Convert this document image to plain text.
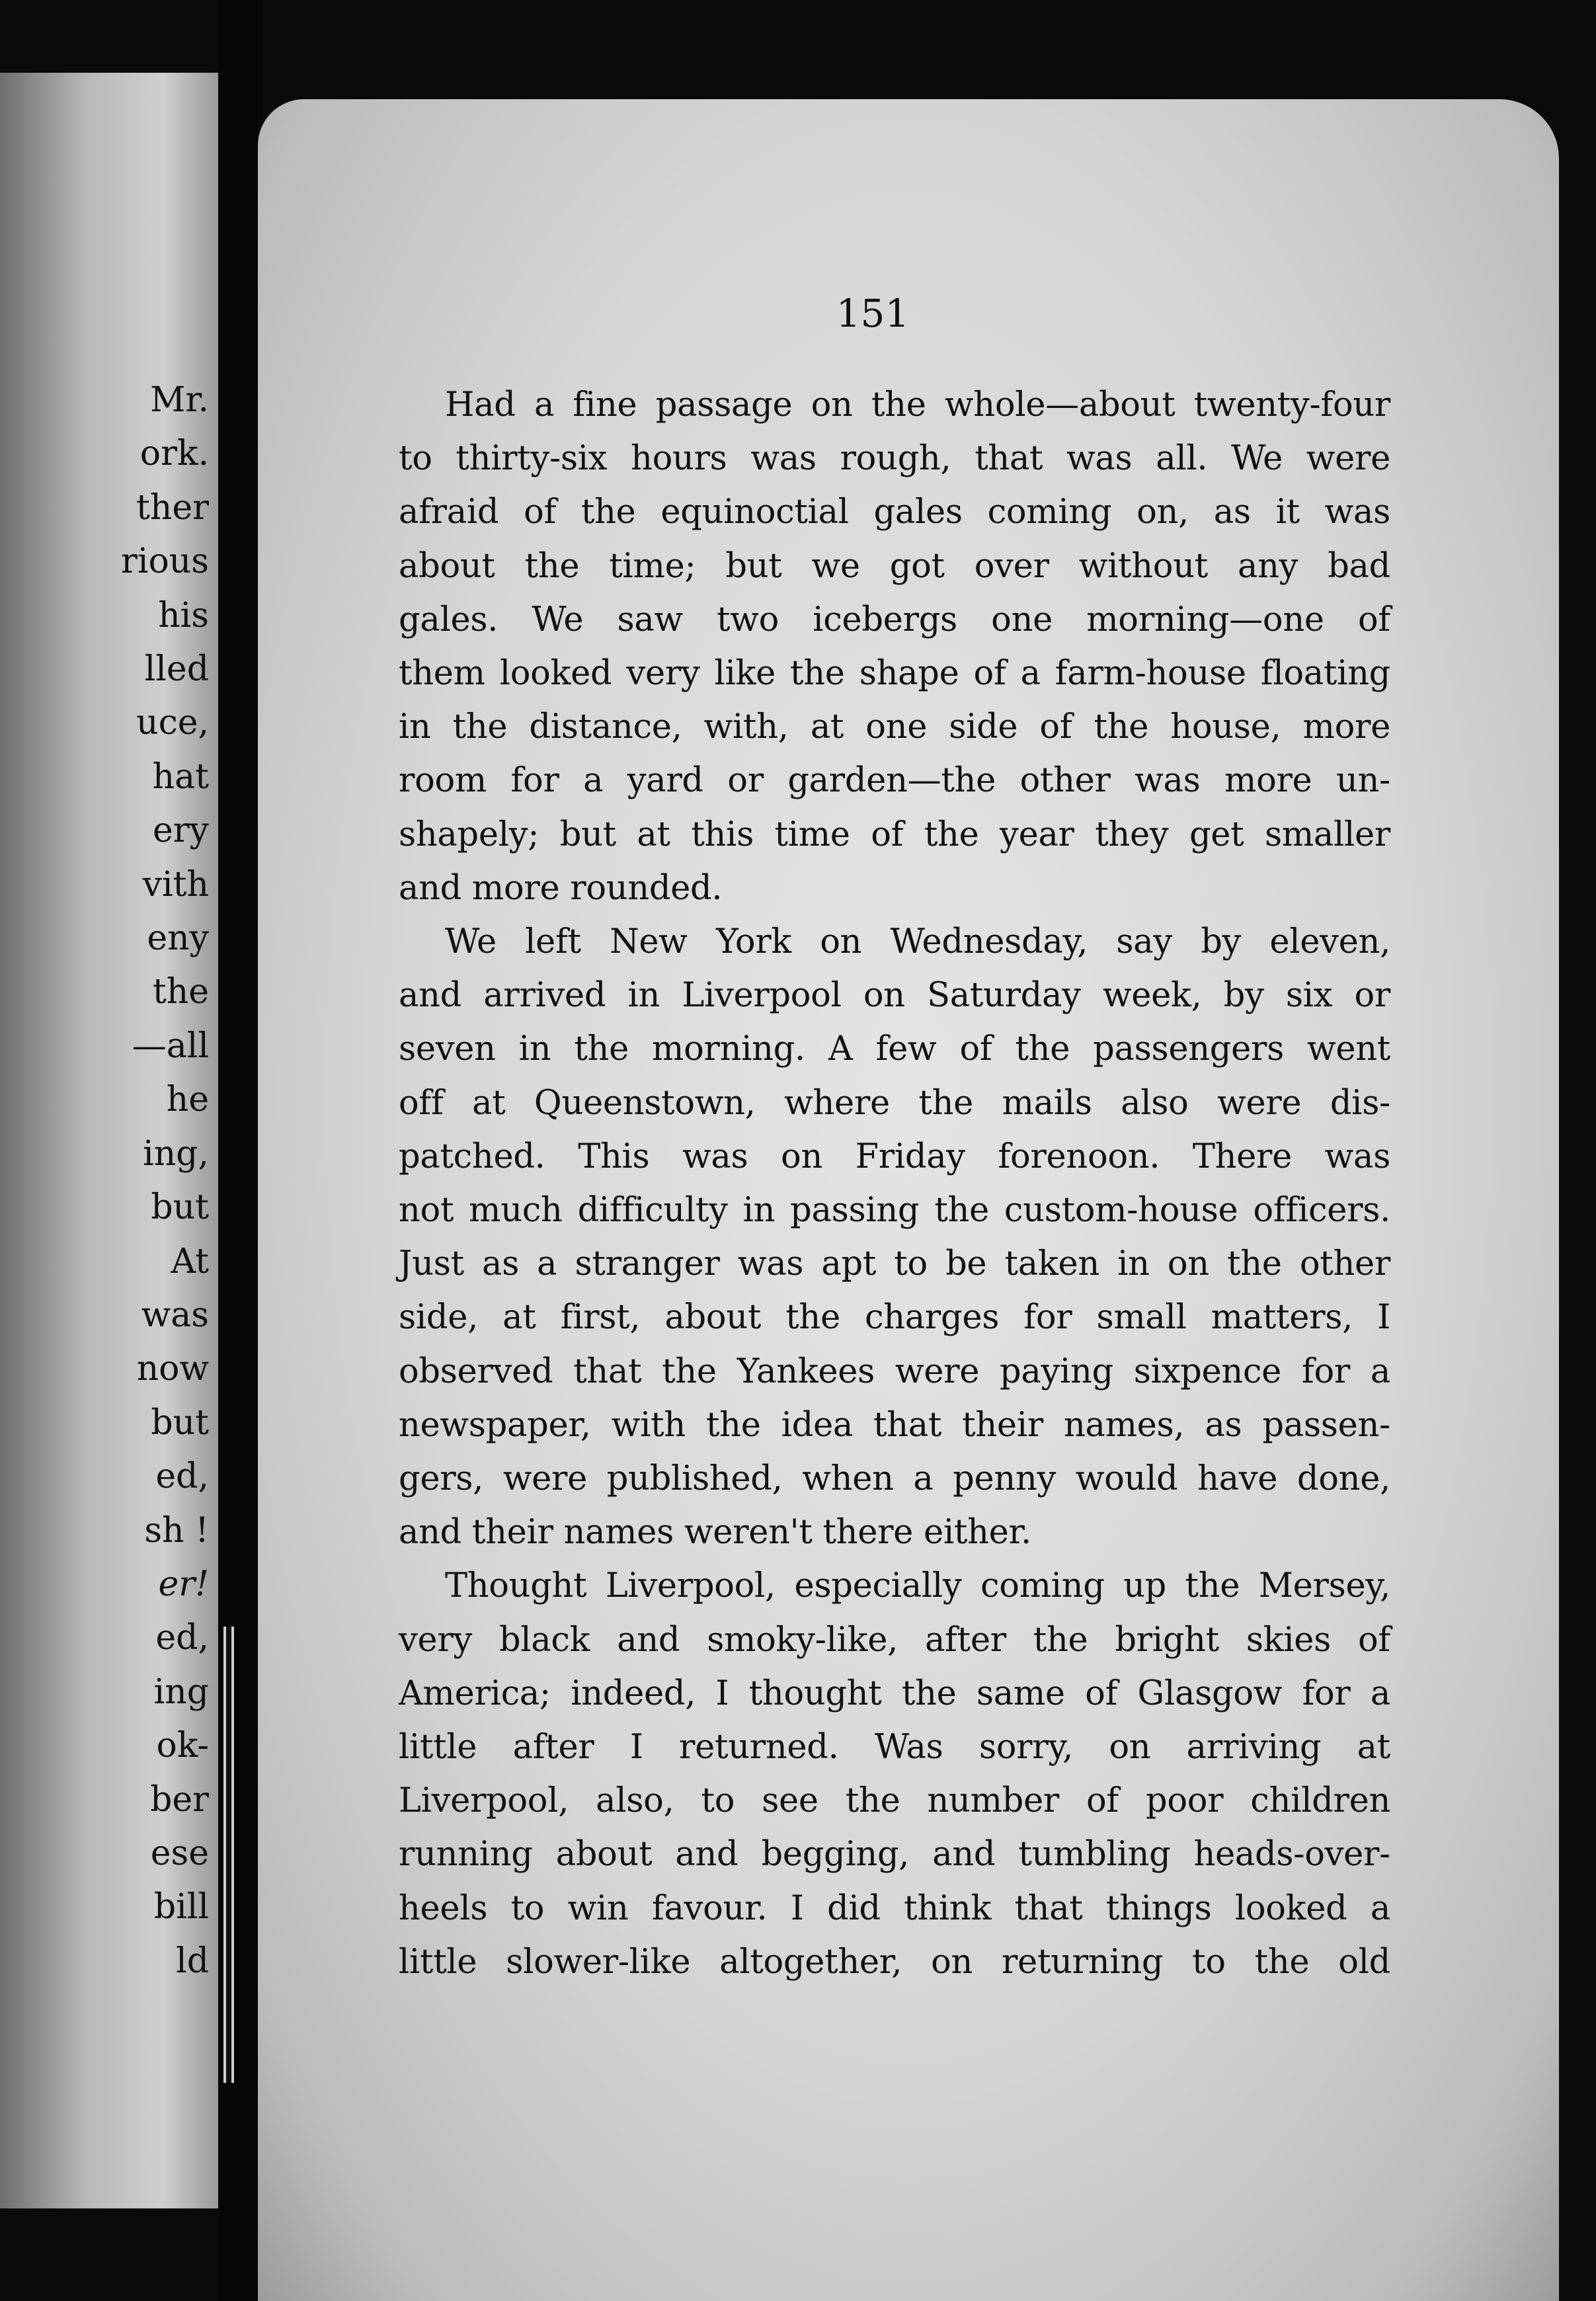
Mr.
ork.
ther
rious
his
lled
uce,
hat
ery
vith
eny
the
—all
he
ing,
but
At
was
now
but
ed,
sh !
er!
ed,
ing
ok-
ber
ese
bill
ld
151
Had a fine passage on the whole—about twenty-four
to thirty-six hours was rough, that was all. We were
afraid of the equinoctial gales coming on, as it was
about the time; but we got over without any bad
gales. We saw two icebergs one morning—one of
them looked very like the shape of a farm-house floating
in the distance, with, at one side of the house, more
room for a yard or garden—the other was more un-
shapely; but at this time of the year they get smaller
and more rounded.
We left New York on Wednesday, say by eleven,
and arrived in Liverpool on Saturday week, by six or
seven in the morning. A few of the passengers went
off at Queenstown, where the mails also were dis-
patched. This was on Friday forenoon. There was
not much difficulty in passing the custom-house officers.
Just as a stranger was apt to be taken in on the other
side, at first, about the charges for small matters, I
observed that the Yankees were paying sixpence for a
newspaper, with the idea that their names, as passen-
gers, were published, when a penny would have done,
and their names weren't there either.
Thought Liverpool, especially coming up the Mersey,
very black and smoky-like, after the bright skies of
America; indeed, I thought the same of Glasgow for a
little after I returned. Was sorry, on arriving at
Liverpool, also, to see the number of poor children
running about and begging, and tumbling heads-over-
heels to win favour. I did think that things looked a
little slower-like altogether, on returning to the old
